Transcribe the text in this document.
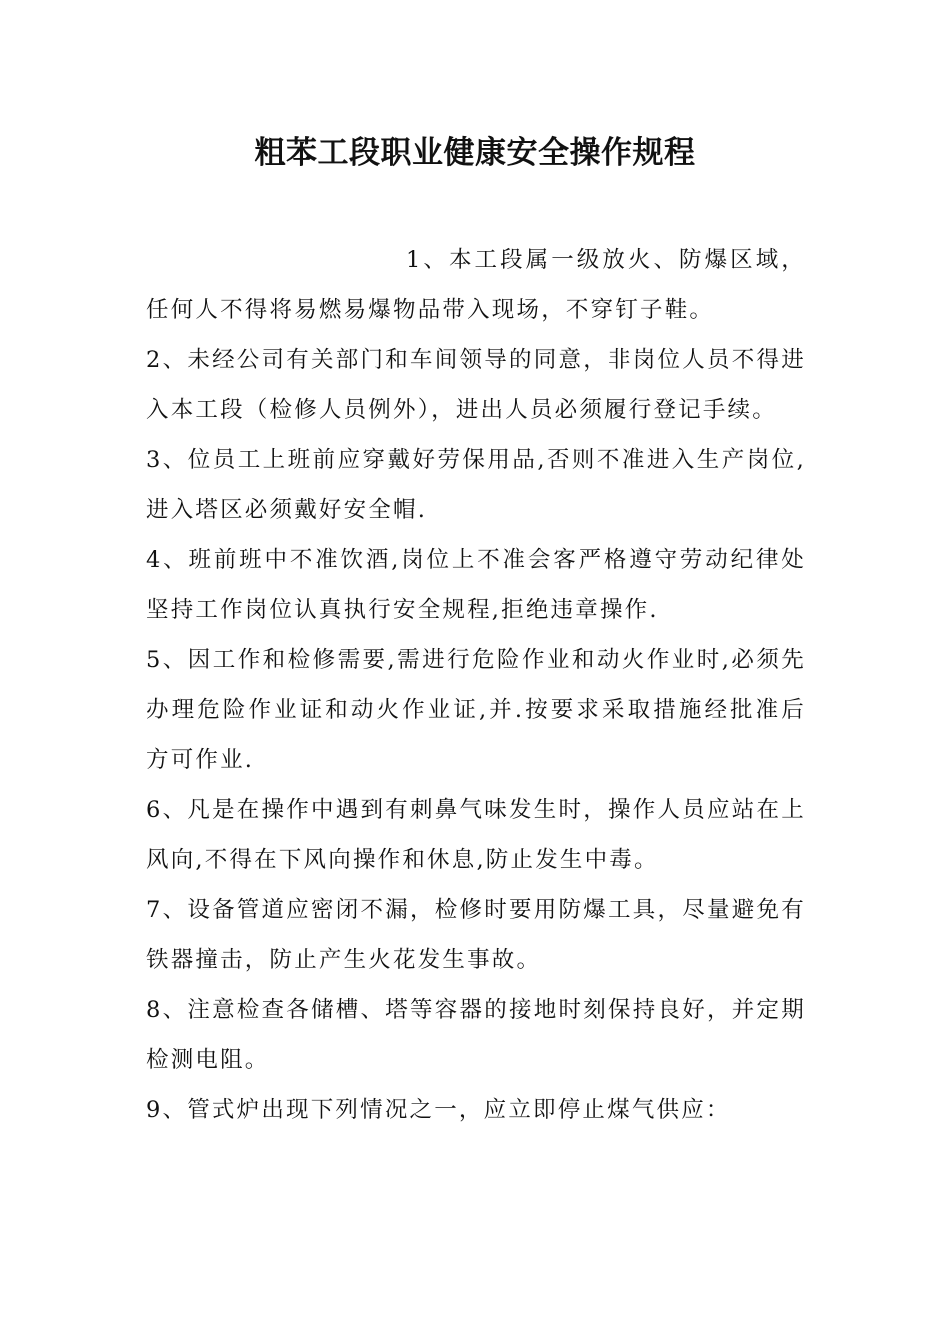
粗苯工段职业健康安全操作规程

1、本工段属一级放火、防爆区域，任何人不得将易燃易爆物品带入现场，不穿钉子鞋。

2、未经公司有关部门和车间领导的同意，非岗位人员不得进入本工段（检修人员例外），进出人员必须履行登记手续。

3、位员工上班前应穿戴好劳保用品,否则不准进入生产岗位,进入塔区必须戴好安全帽.

4、班前班中不准饮酒,岗位上不准会客严格遵守劳动纪律处坚持工作岗位认真执行安全规程,拒绝违章操作.

5、因工作和检修需要,需进行危险作业和动火作业时,必须先办理危险作业证和动火作业证,并.按要求采取措施经批准后方可作业.

6、凡是在操作中遇到有刺鼻气味发生时，操作人员应站在上风向,不得在下风向操作和休息,防止发生中毒。

7、设备管道应密闭不漏，检修时要用防爆工具，尽量避免有铁器撞击，防止产生火花发生事故。

8、注意检查各储槽、塔等容器的接地时刻保持良好，并定期检测电阻。

9、管式炉出现下列情况之一，应立即停止煤气供应：
